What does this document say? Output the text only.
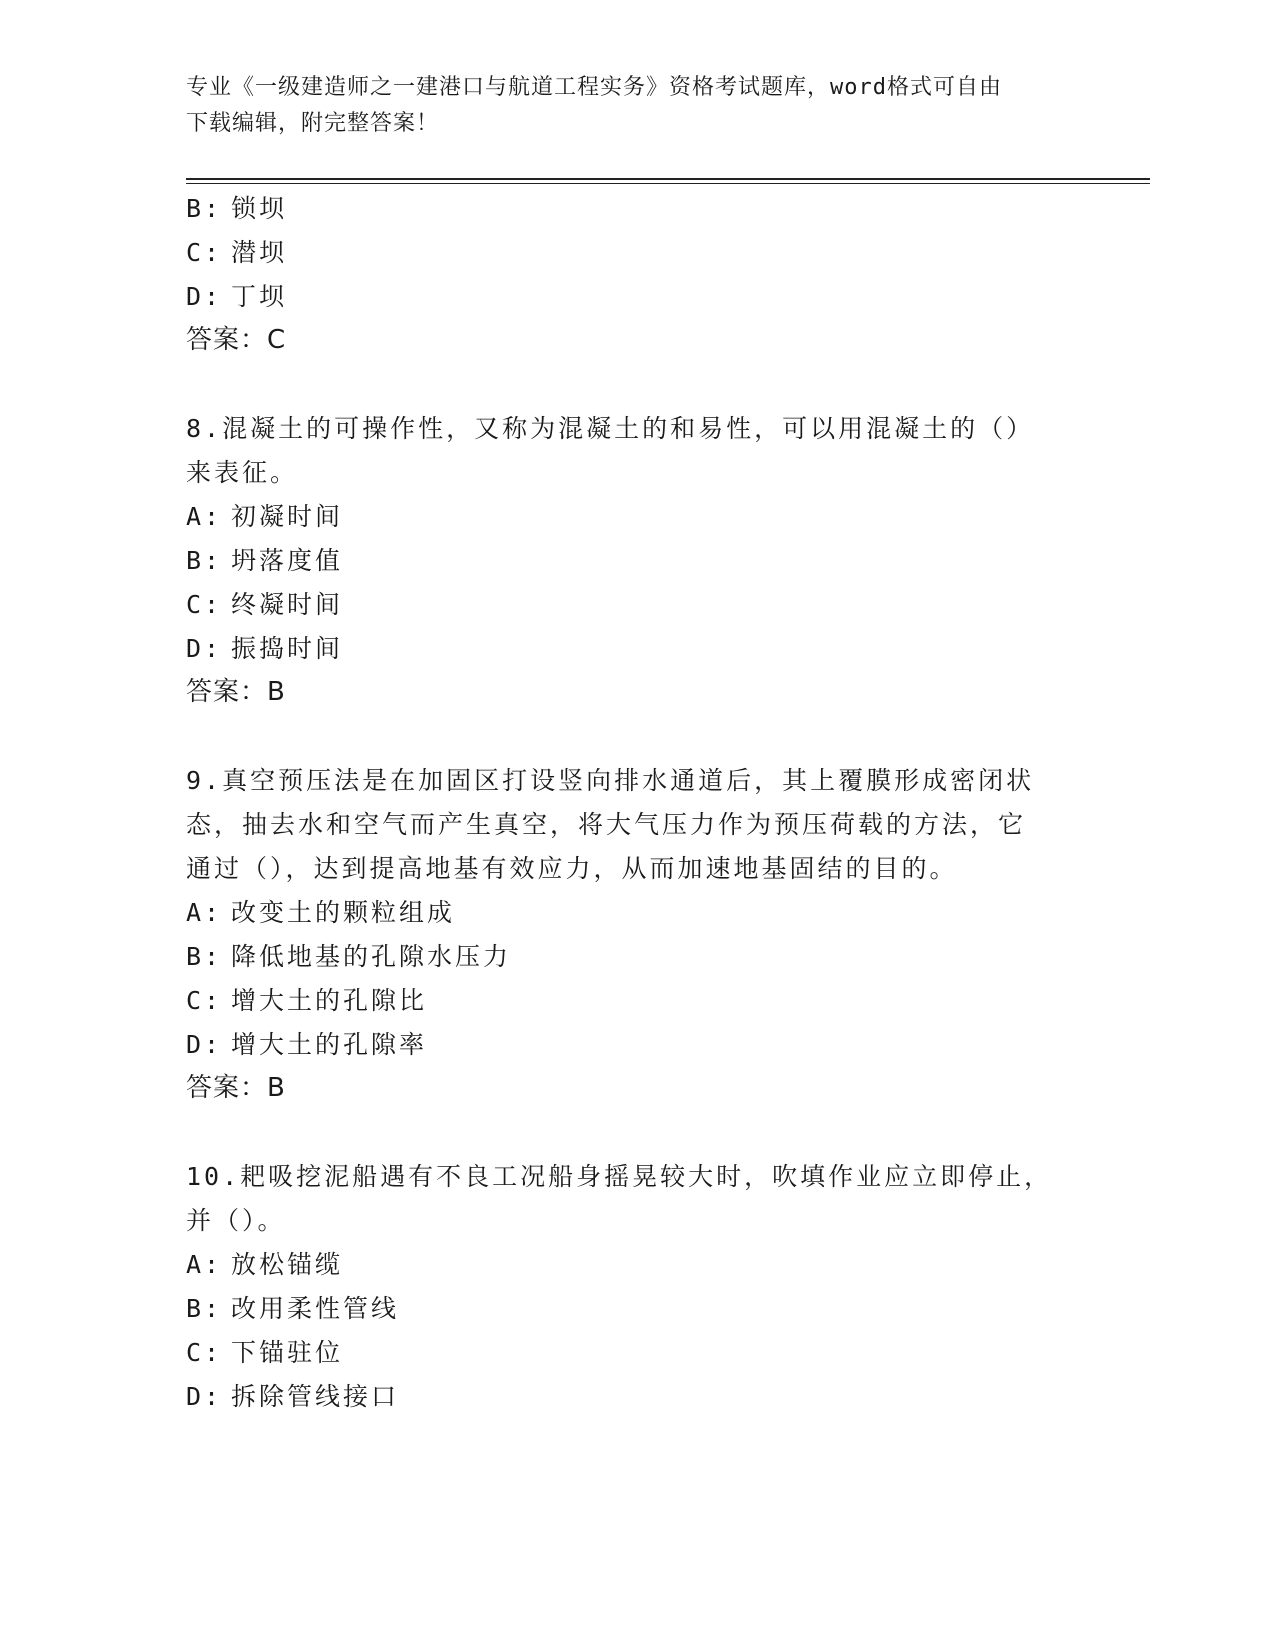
专业《一级建造师之一建港口与航道工程实务》资格考试题库，word格式可自由
下载编辑，附完整答案！
B: 锁坝
C: 潜坝
D: 丁坝
答案：C
8.混凝土的可操作性，又称为混凝土的和易性，可以用混凝土的（）
来表征。
A: 初凝时间
B: 坍落度值
C: 终凝时间
D: 振捣时间
答案：B
9.真空预压法是在加固区打设竖向排水通道后，其上覆膜形成密闭状
态，抽去水和空气而产生真空，将大气压力作为预压荷载的方法，它
通过（），达到提高地基有效应力，从而加速地基固结的目的。
A: 改变土的颗粒组成
B: 降低地基的孔隙水压力
C: 增大土的孔隙比
D: 增大土的孔隙率
答案：B
10.耙吸挖泥船遇有不良工况船身摇晃较大时，吹填作业应立即停止，
并（）。
A: 放松锚缆
B: 改用柔性管线
C: 下锚驻位
D: 拆除管线接口
